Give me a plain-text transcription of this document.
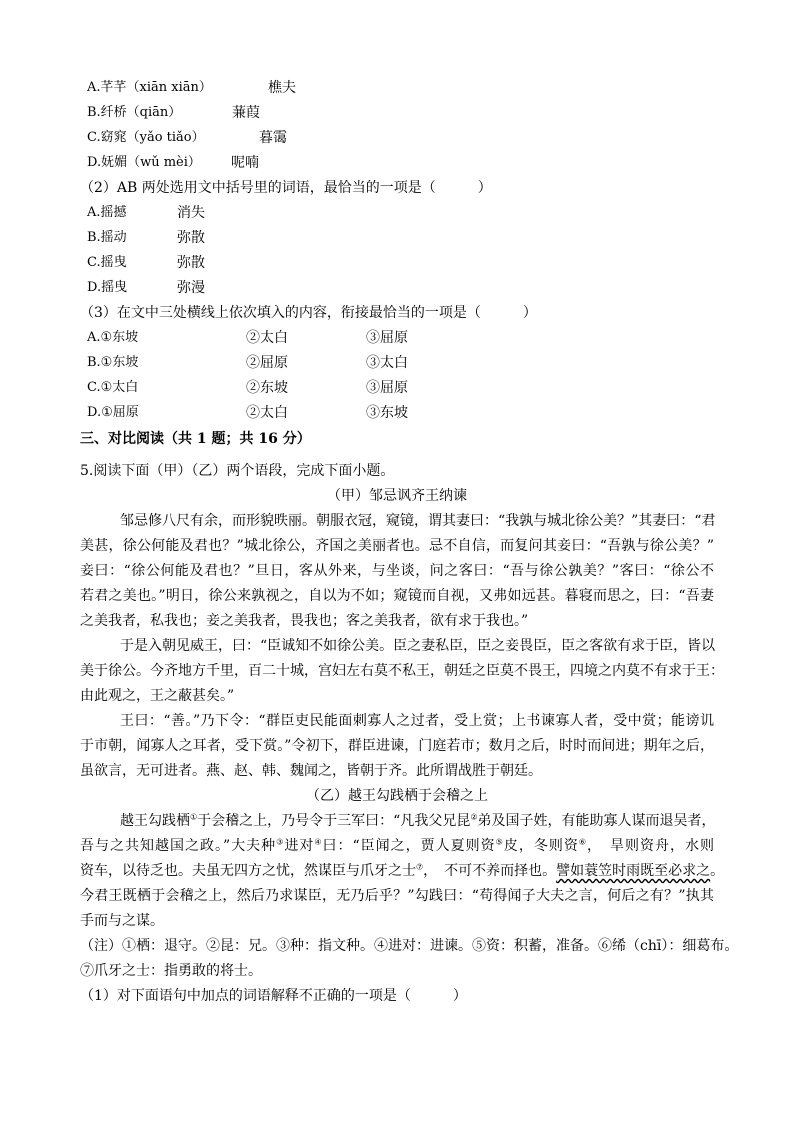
A.芊芊（xiān xiān）	樵夫
B.纤桥（qiān）	蒹葭
C.窈窕（yǎo tiǎo）	暮霭
D.妩媚（wǔ mèi） 呢喃
（2）AB 两处选用文中括号里的词语，最恰当的一项是（　　　）
A.摇撼	消失
B.摇动	弥散
C.摇曳	弥散
D.摇曳	弥漫
（3）在文中三处横线上依次填入的内容，衔接最恰当的一项是（　　　）
A.①东坡	②太白	③屈原
B.①东坡	②屈原	③太白
C.①太白	②东坡	③屈原
D.①屈原	②太白	③东坡
三、对比阅读（共 1 题；共 16 分）
5.阅读下面（甲）（乙）两个语段，完成下面小题。
（甲）邹忌讽齐王纳谏
邹忌修八尺有余，而形貌昳丽。朝服衣冠，窥镜，谓其妻曰：“我孰与城北徐公美？”其妻曰：“君
美甚，徐公何能及君也？”城北徐公，齐国之美丽者也。忌不自信，而复问其妾曰：“吾孰与徐公美？”
妾曰：“徐公何能及君也？”旦日，客从外来，与坐谈，问之客曰：“吾与徐公孰美？”客曰：“徐公不
若君之美也。”明日，徐公来孰视之，自以为不如；窥镜而自视，又弗如远甚。暮寝而思之，曰：“吾妻
之美我者，私我也；妾之美我者，畏我也；客之美我者，欲有求于我也。”
于是入朝见威王，曰：“臣诚知不如徐公美。臣之妻私臣，臣之妾畏臣，臣之客欲有求于臣，皆以
美于徐公。今齐地方千里，百二十城，宫妇左右莫不私王，朝廷之臣莫不畏王，四境之内莫不有求于王：
由此观之，王之蔽甚矣。”
王曰：“善。”乃下令：“群臣吏民能面刺寡人之过者，受上赏；上书谏寡人者，受中赏；能谤讥
于市朝，闻寡人之耳者，受下赏。”令初下，群臣进谏，门庭若市；数月之后，时时而间进；期年之后，
虽欲言，无可进者。燕、赵、韩、魏闻之，皆朝于齐。此所谓战胜于朝廷。
（乙）越王勾践栖于会稽之上
越王勾践栖①于会稽之上，乃号令于三军曰：“凡我父兄昆②弟及国子姓，有能助寡人谋而退吴者，
吾与之共知越国之政。”大夫种③进对④曰：“臣闻之，贾人夏则资⑤皮，冬则资⑥，　旱则资舟，水则
资车，以待乏也。夫虽无四方之忧，然谋臣与爪牙之士⑦，　不可不养而择也。譬如蓑笠时雨既至必求之。
今君王既栖于会稽之上，然后乃求谋臣，无乃后乎？”勾践曰：“苟得闻子大夫之言，何后之有？”执其
手而与之谋。
（注）①栖：退守。②昆：兄。③种：指文种。④进对：进谏。⑤资：积蓄，准备。⑥𫄨（chī）：细葛布。
⑦爪牙之士：指勇敢的将士。
（1）对下面语句中加点的词语解释不正确的一项是（　　　）
